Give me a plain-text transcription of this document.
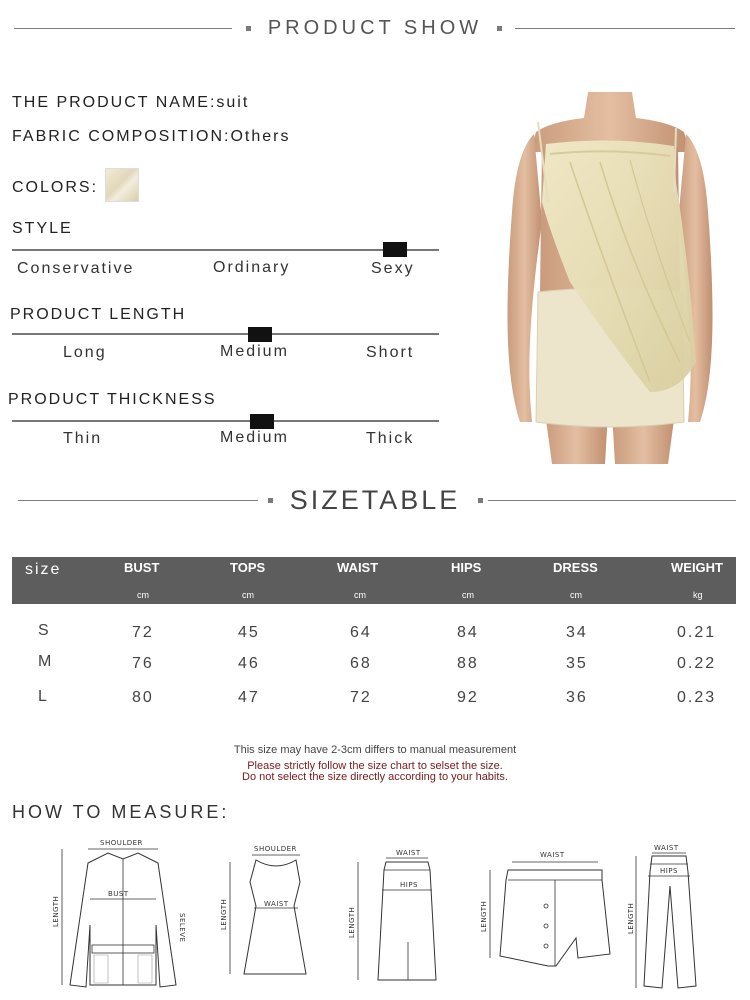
PRODUCT SHOW
THE PRODUCT NAME:suit
FABRIC COMPOSITION:Others
COLORS:
STYLE
Conservative	Ordinary	Sexy
PRODUCT LENGTH
Long	Medium	Short
PRODUCT THICKNESS
Thin	Medium	Thick
SIZETABLE
size	BUST	TOPS	WAIST	HIPS	DRESS	WEIGHT
cm	cm	cm	cm	cm	kg
S	72	45	64	84	34	0.21
M	76	46	68	88	35	0.22
L	80	47	72	92	36	0.23
This size may have 2-3cm differs to manual measurement
Please strictly follow the size chart to selset the size.
Do not select the size directly according to your habits.
HOW TO MEASURE:
SHOULDER
BUST
LENGTH
SELEVE
SHOULDER
WAIST
LENGTH
WAIST
HIPS
LENGTH
WAIST
LENGTH
WAIST
HIPS
LENGTH
